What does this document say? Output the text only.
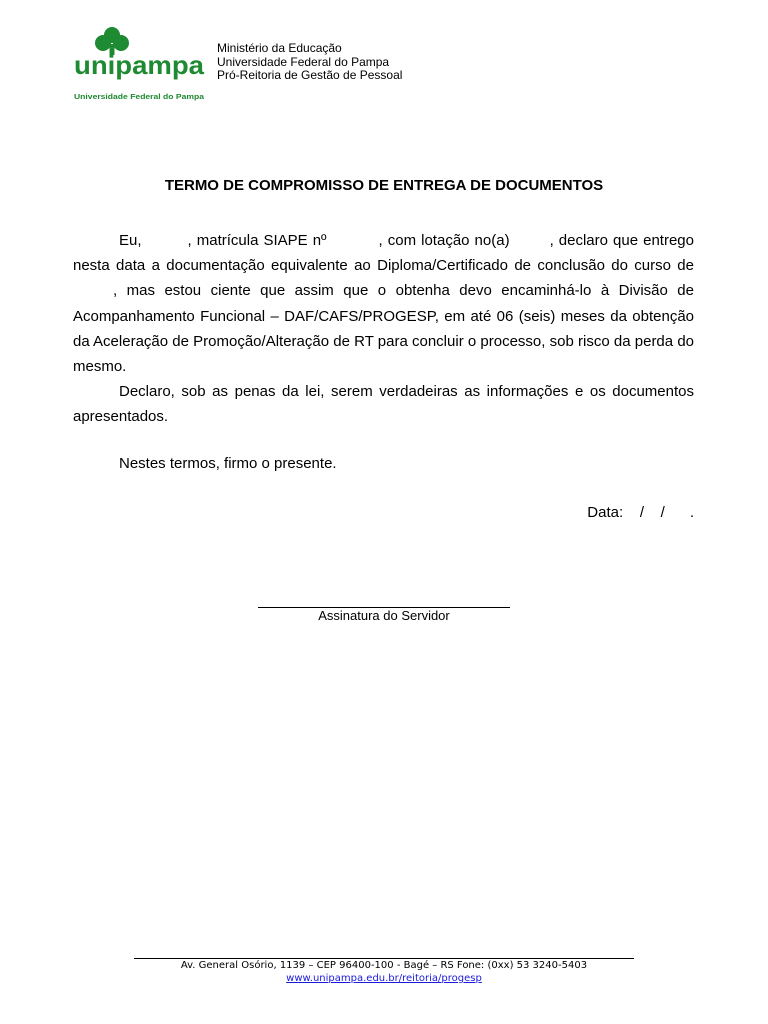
unipampa
Universidade Federal do Pampa
Ministério da Educação
Universidade Federal do Pampa
Pró-Reitoria de Gestão de Pessoal
TERMO DE COMPROMISSO DE ENTREGA DE DOCUMENTOS

Eu,	, matrícula SIAPE nº	, com lotação no(a)	, declaro que entrego nesta data a documentação equivalente ao Diploma/Certificado de conclusão do curso de, mas estou ciente que assim que o obtenha devo encaminhá-lo à Divisão de Acompanhamento Funcional – DAF/CAFS/PROGESP, em até 06 (seis) meses da obtenção da Aceleração de Promoção/Alteração de RT para concluir o processo, sob risco da perda do mesmo.

Declaro, sob as penas da lei, serem verdadeiras as informações e os documentos apresentados.

Nestes termos, firmo o presente.
Data:    /    /      .
Assinatura do Servidor
Av. General Osório, 1139 – CEP 96400-100 - Bagé – RS Fone: (0xx) 53 3240-5403
www.unipampa.edu.br/reitoria/progesp
